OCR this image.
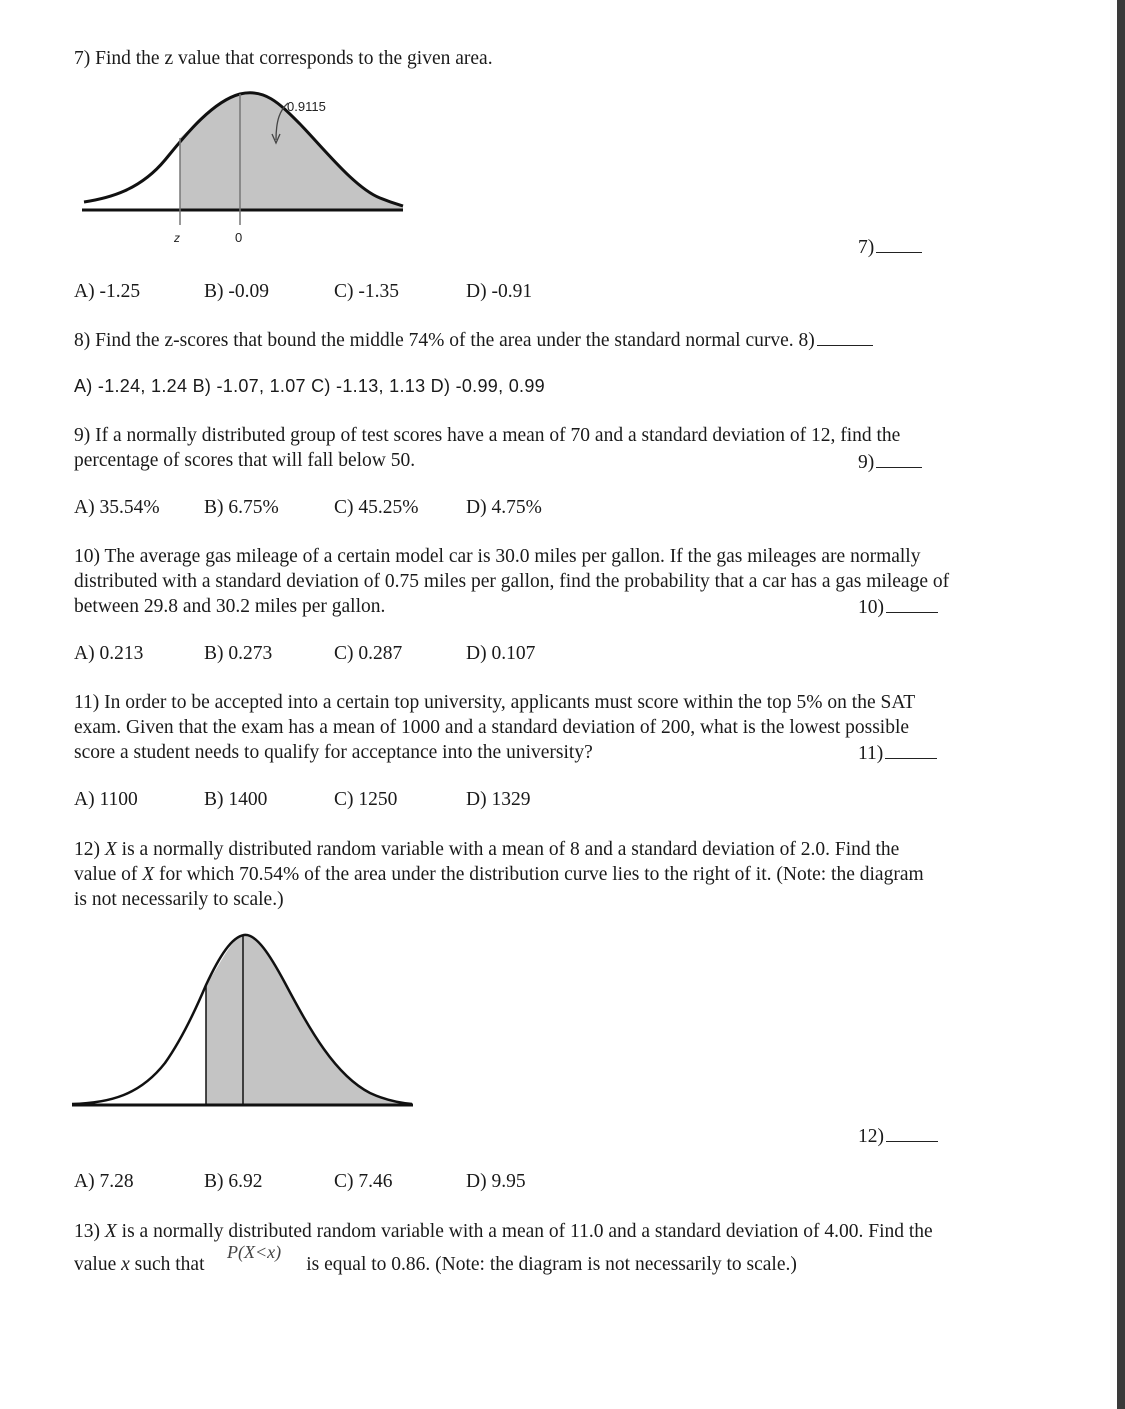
7) Find the z value that corresponds to the given area.
0.9115
z	0	7)
A) -1.25	B) -0.09	C) -1.35	D) -0.91
8) Find the z-scores that bound the middle 74% of the area under the standard normal curve. 8)
A) -1.24, 1.24 B) -1.07, 1.07 C) -1.13, 1.13 D) -0.99, 0.99
9) If a normally distributed group of test scores have a mean of 70 and a standard deviation of 12, find the
percentage of scores that will fall below 50.	9)
A) 35.54% B) 6.75%	C) 45.25% D) 4.75%
10) The average gas mileage of a certain model car is 30.0 miles per gallon. If the gas mileages are normally
distributed with a standard deviation of 0.75 miles per gallon, find the probability that a car has a gas mileage of
between 29.8 and 30.2 miles per gallon.	10)
A) 0.213	B) 0.273	C) 0.287	D) 0.107
11) In order to be accepted into a certain top university, applicants must score within the top 5% on the SAT
exam. Given that the exam has a mean of 1000 and a standard deviation of 200, what is the lowest possible
score a student needs to qualify for acceptance into the university?	11)
A) 1100	B) 1400	C) 1250	D) 1329
12) X is a normally distributed random variable with a mean of 8 and a standard deviation of 2.0. Find the
value of X for which 70.54% of the area under the distribution curve lies to the right of it. (Note: the diagram
is not necessarily to scale.)
12)
A) 7.28	B) 6.92	C) 7.46	D) 9.95
13) X is a normally distributed random variable with a mean of 11.0 and a standard deviation of 4.00. Find the
value x such that	is equal to 0.86. (Note: the diagram is not necessarily to scale.)
P(X<x)
